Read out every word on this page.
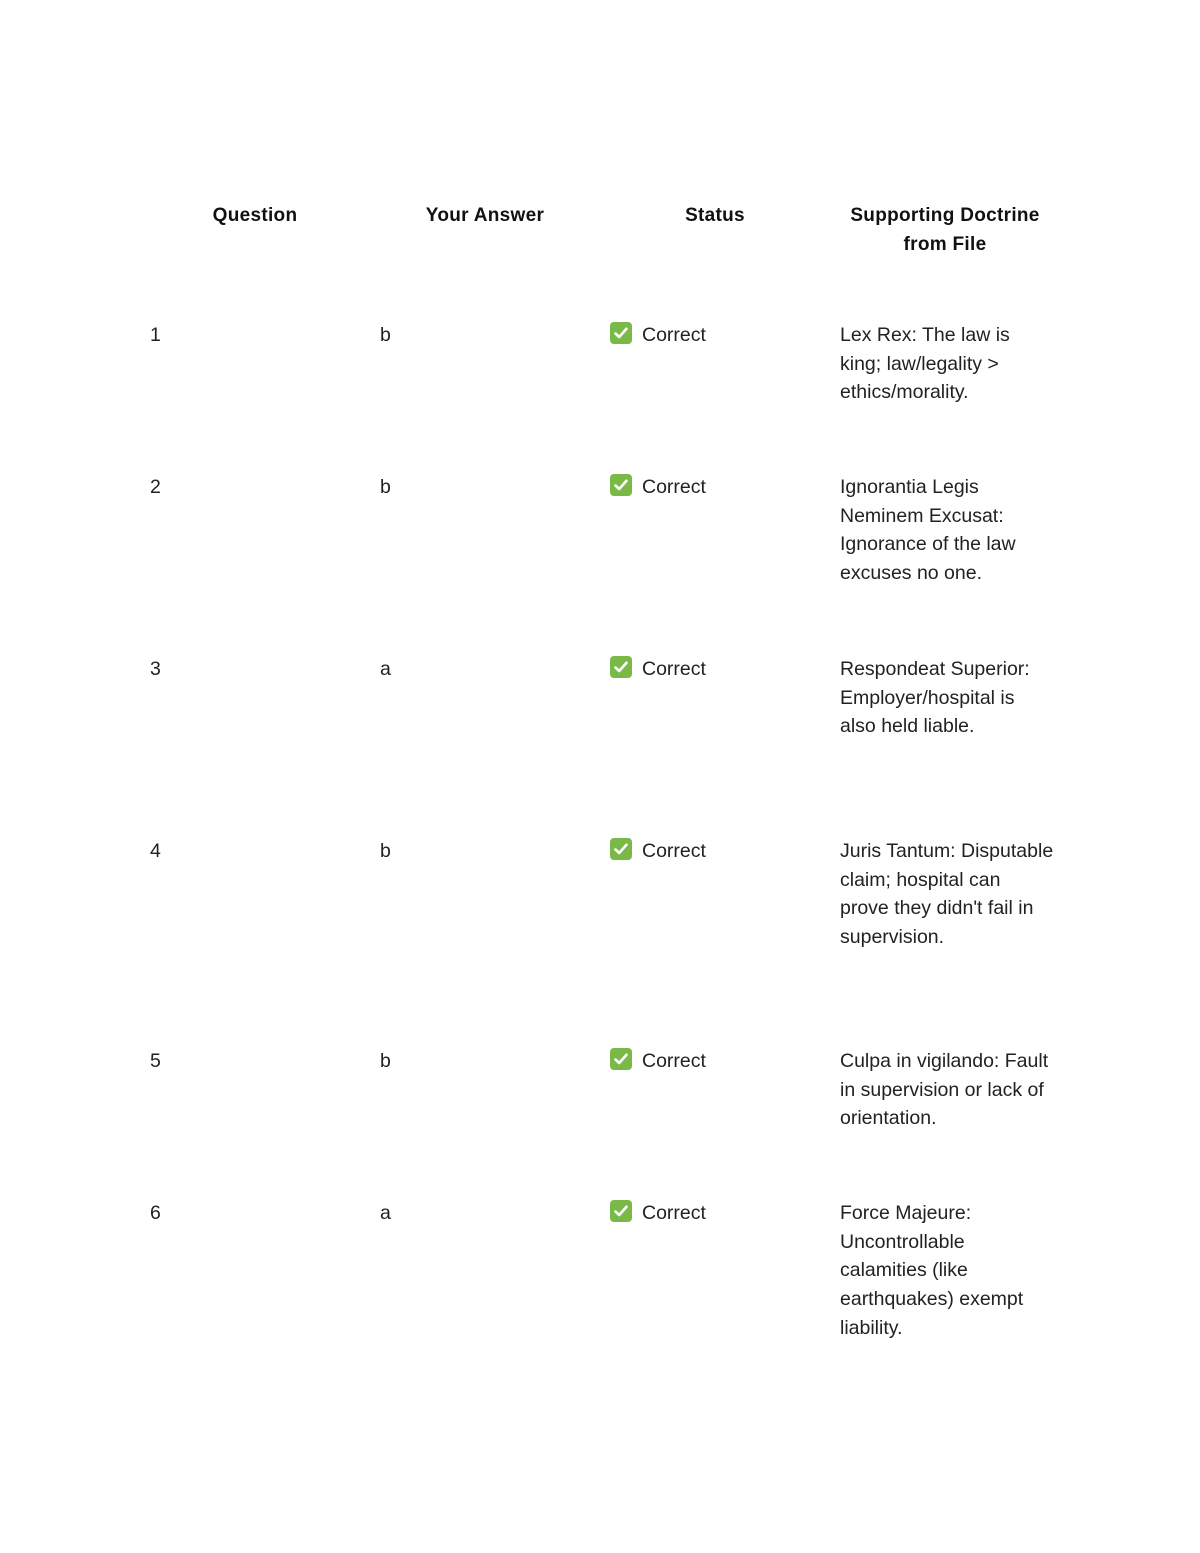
Question	Your Answer	Status	Supporting Doctrine from File
1	b	Correct	Lex Rex: The law is king; law/legality > ethics/morality.
2	b	Correct	Ignorantia Legis Neminem Excusat: Ignorance of the law excuses no one.
3	a	Correct	Respondeat Superior: Employer/hospital is also held liable.
4	b	Correct	Juris Tantum: Disputable claim; hospital can prove they didn't fail in supervision.
5	b	Correct	Culpa in vigilando: Fault in supervision or lack of orientation.
6	a	Correct	Force Majeure: Uncontrollable calamities (like earthquakes) exempt liability.
